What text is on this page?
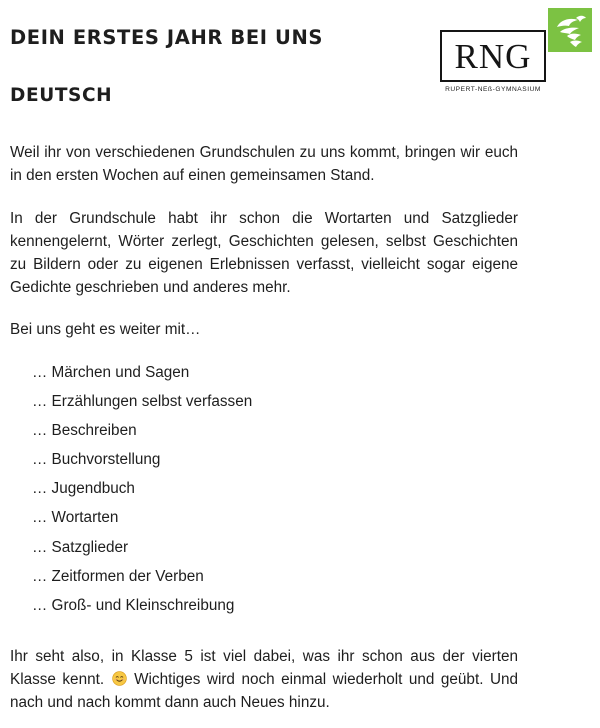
DEIN ERSTES JAHR BEI UNS
DEUTSCH
RNG
RUPERT-NEß-GYMNASIUM

Weil ihr von verschiedenen Grundschulen zu uns kommt, bringen wir euch in den ersten Wochen auf einen gemeinsamen Stand.

In der Grundschule habt ihr schon die Wortarten und Satzglieder kennengelernt, Wörter zerlegt, Geschichten gelesen, selbst Geschichten zu Bildern oder zu eigenen Erlebnissen verfasst, vielleicht sogar eigene Gedichte geschrieben und anderes mehr.

Bei uns geht es weiter mit…

… Märchen und Sagen
… Erzählungen selbst verfassen
… Beschreiben
… Buchvorstellung
… Jugendbuch
… Wortarten
… Satzglieder
… Zeitformen der Verben
… Groß- und Kleinschreibung

Ihr seht also, in Klasse 5 ist viel dabei, was ihr schon aus der vierten Klasse kennt. Wichtiges wird noch einmal wiederholt und geübt. Und nach und nach kommt dann auch Neues hinzu.
